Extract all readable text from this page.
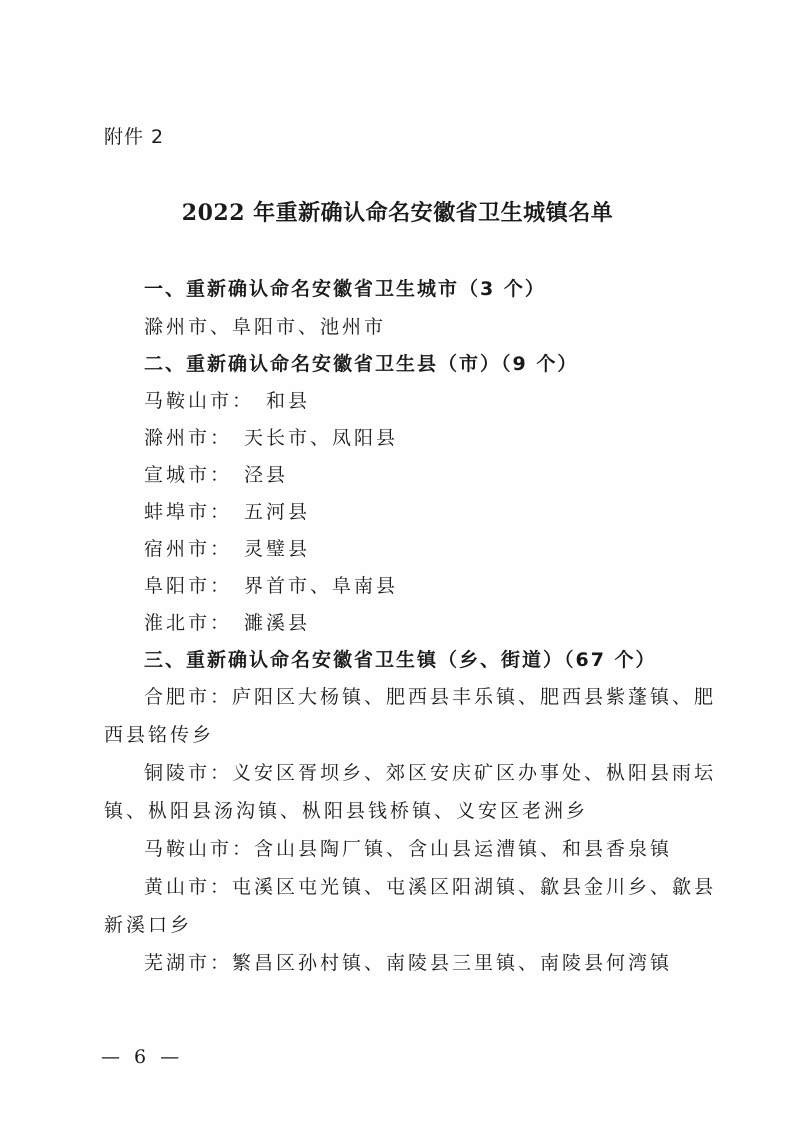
附件 2
2022 年重新确认命名安徽省卫生城镇名单
一、重新确认命名安徽省卫生城市（3 个）
滁州市、阜阳市、池州市
二、重新确认命名安徽省卫生县（市）（9 个）
马鞍山市： 和县
滁州市： 天长市、凤阳县
宣城市： 泾县
蚌埠市： 五河县
宿州市： 灵璧县
阜阳市： 界首市、阜南县
淮北市： 濉溪县
三、重新确认命名安徽省卫生镇（乡、街道）（67 个）
合肥市：庐阳区大杨镇、肥西县丰乐镇、肥西县紫蓬镇、肥
西县铭传乡
铜陵市：义安区胥坝乡、郊区安庆矿区办事处、枞阳县雨坛
镇、枞阳县汤沟镇、枞阳县钱桥镇、义安区老洲乡
马鞍山市：含山县陶厂镇、含山县运漕镇、和县香泉镇
黄山市：屯溪区屯光镇、屯溪区阳湖镇、歙县金川乡、歙县
新溪口乡
芜湖市：繁昌区孙村镇、南陵县三里镇、南陵县何湾镇
— 6 —
